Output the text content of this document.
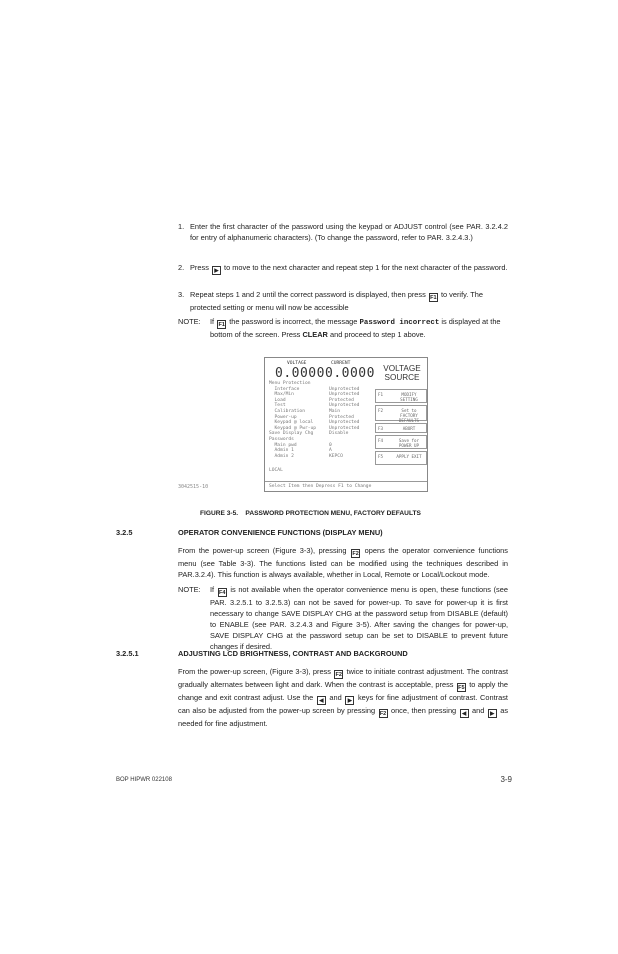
1. Enter the first character of the password using the keypad or ADJUST control (see PAR. 3.2.4.2 for entry of alphanumeric characters). (To change the password, refer to PAR. 3.2.4.3.)
2. Press ▶ to move to the next character and repeat step 1 for the next character of the password.
3. Repeat steps 1 and 2 until the correct password is displayed, then press F1 to verify. The protected setting or menu will now be accessible
NOTE: If F1 the password is incorrect, the message Password incorrect is displayed at the bottom of the screen. Press CLEAR and proceed to step 1 above.
VOLTAGE	CURRENT
0.0000 0.0000	VOLTAGE
SOURCE
Menu Protection
Interface	Unprotected
Max/Min	Unprotected
Load	Protected
Test	Unprotected
Calibration	Main
Power-up	Protected
Keypad @ local	Unprotected
Keypad @ Pwr-up	Unprotected
Save Display Chg	Disable
Passwords
Main pwd	0
Admin 1	A
Admin 2	KEPCO
F1	MODIFY SETTING
F2	Set to FACTORY DEFAULTS
F3	ABORT
F4	Save for POWER UP
F5	APPLY EXIT
LOCAL
Select Item then Depress F1 to Change
3042515-10
FIGURE 3-5.    PASSWORD PROTECTION MENU, FACTORY DEFAULTS
3.2.5	OPERATOR CONVENIENCE FUNCTIONS (DISPLAY MENU)
From the power-up screen (Figure 3-3), pressing F2 opens the operator convenience functions menu (see Table 3-3). The functions listed can be modified using the techniques described in PAR.3.2.4). This function is always available, whether in Local, Remote or Local/Lockout mode.
NOTE: If F4 is not available when the operator convenience menu is open, these functions (see PAR. 3.2.5.1 to 3.2.5.3) can not be saved for power-up. To save for power-up it is first necessary to change SAVE DISPLAY CHG at the password setup from DISABLE (default) to ENABLE (see PAR. 3.2.4.3 and Figure 3-5). After saving the changes for power-up, SAVE DISPLAY CHG at the password setup can be set to DISABLE to prevent future changes if desired.
3.2.5.1	ADJUSTING LCD BRIGHTNESS, CONTRAST AND BACKGROUND
From the power-up screen, (Figure 3-3), press F2 twice to initiate contrast adjustment. The contrast gradually alternates between light and dark. When the contrast is acceptable, press F5 to apply the change and exit contrast adjust. Use the ◀ and ▶ keys for fine adjustment of contrast. Contrast can also be adjusted from the power-up screen by pressing F2 once, then pressing ◀ and ▶ as needed for fine adjustment.
BOP HIPWR 022108	3-9
